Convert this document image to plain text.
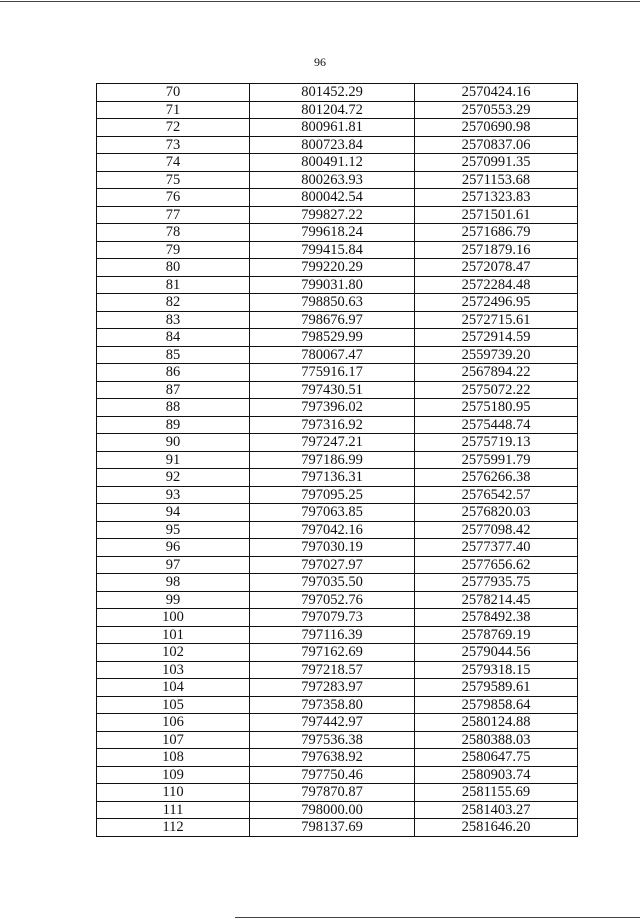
96
70	801452.29	2570424.16
71	801204.72	2570553.29
72	800961.81	2570690.98
73	800723.84	2570837.06
74	800491.12	2570991.35
75	800263.93	2571153.68
76	800042.54	2571323.83
77	799827.22	2571501.61
78	799618.24	2571686.79
79	799415.84	2571879.16
80	799220.29	2572078.47
81	799031.80	2572284.48
82	798850.63	2572496.95
83	798676.97	2572715.61
84	798529.99	2572914.59
85	780067.47	2559739.20
86	775916.17	2567894.22
87	797430.51	2575072.22
88	797396.02	2575180.95
89	797316.92	2575448.74
90	797247.21	2575719.13
91	797186.99	2575991.79
92	797136.31	2576266.38
93	797095.25	2576542.57
94	797063.85	2576820.03
95	797042.16	2577098.42
96	797030.19	2577377.40
97	797027.97	2577656.62
98	797035.50	2577935.75
99	797052.76	2578214.45
100	797079.73	2578492.38
101	797116.39	2578769.19
102	797162.69	2579044.56
103	797218.57	2579318.15
104	797283.97	2579589.61
105	797358.80	2579858.64
106	797442.97	2580124.88
107	797536.38	2580388.03
108	797638.92	2580647.75
109	797750.46	2580903.74
110	797870.87	2581155.69
111	798000.00	2581403.27
112	798137.69	2581646.20
